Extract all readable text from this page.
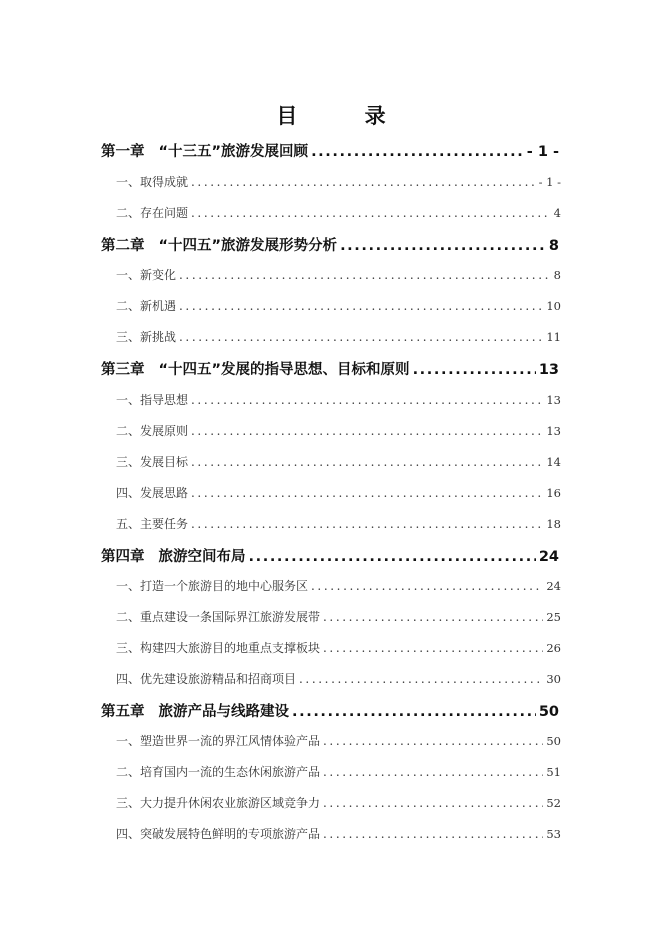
目 录
第一章 “十三五”旅游发展回顾 .....	- 1 -
一、取得成就 .....	- 1 -
二、存在问题 .....	4
第二章 “十四五”旅游发展形势分析 .....	8
一、新变化 .....	8
二、新机遇 .....	10
三、新挑战 .....	11
第三章 “十四五”发展的指导思想、目标和原则 .....	13
一、指导思想 .....	13
二、发展原则 .....	13
三、发展目标 .....	14
四、发展思路 .....	16
五、主要任务 .....	18
第四章 旅游空间布局 .....	24
一、打造一个旅游目的地中心服务区 .....	24
二、重点建设一条国际界江旅游发展带 .....	25
三、构建四大旅游目的地重点支撑板块 .....	26
四、优先建设旅游精品和招商项目 .....	30
第五章 旅游产品与线路建设 .....	50
一、塑造世界一流的界江风情体验产品 .....	50
二、培育国内一流的生态休闲旅游产品 .....	51
三、大力提升休闲农业旅游区域竞争力 .....	52
四、突破发展特色鲜明的专项旅游产品 .....	53
